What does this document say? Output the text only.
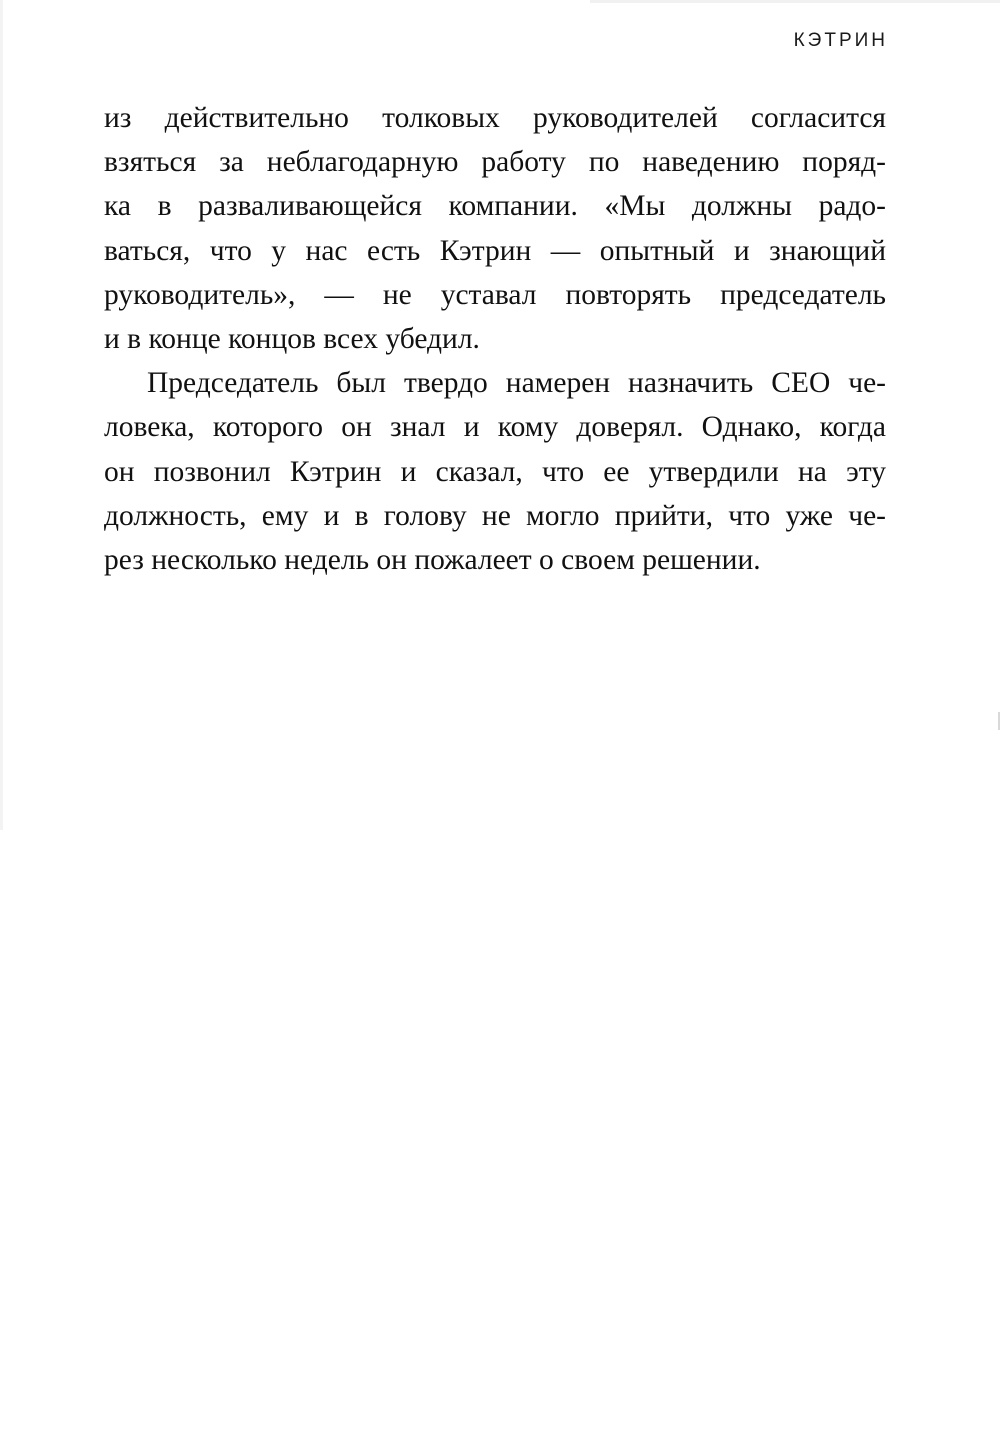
КЭТРИН
из действительно толковых руководителей согласится
взяться за неблагодарную работу по наведению поряд-
ка в разваливающейся компании. «Мы должны радо-
ваться, что у нас есть Кэтрин — опытный и знающий
руководитель», — не уставал повторять председатель
и в конце концов всех убедил.
Председатель был твердо намерен назначить CEO че-
ловека, которого он знал и кому доверял. Однако, когда
он позвонил Кэтрин и сказал, что ее утвердили на эту
должность, ему и в голову не могло прийти, что уже че-
рез несколько недель он пожалеет о своем решении.
